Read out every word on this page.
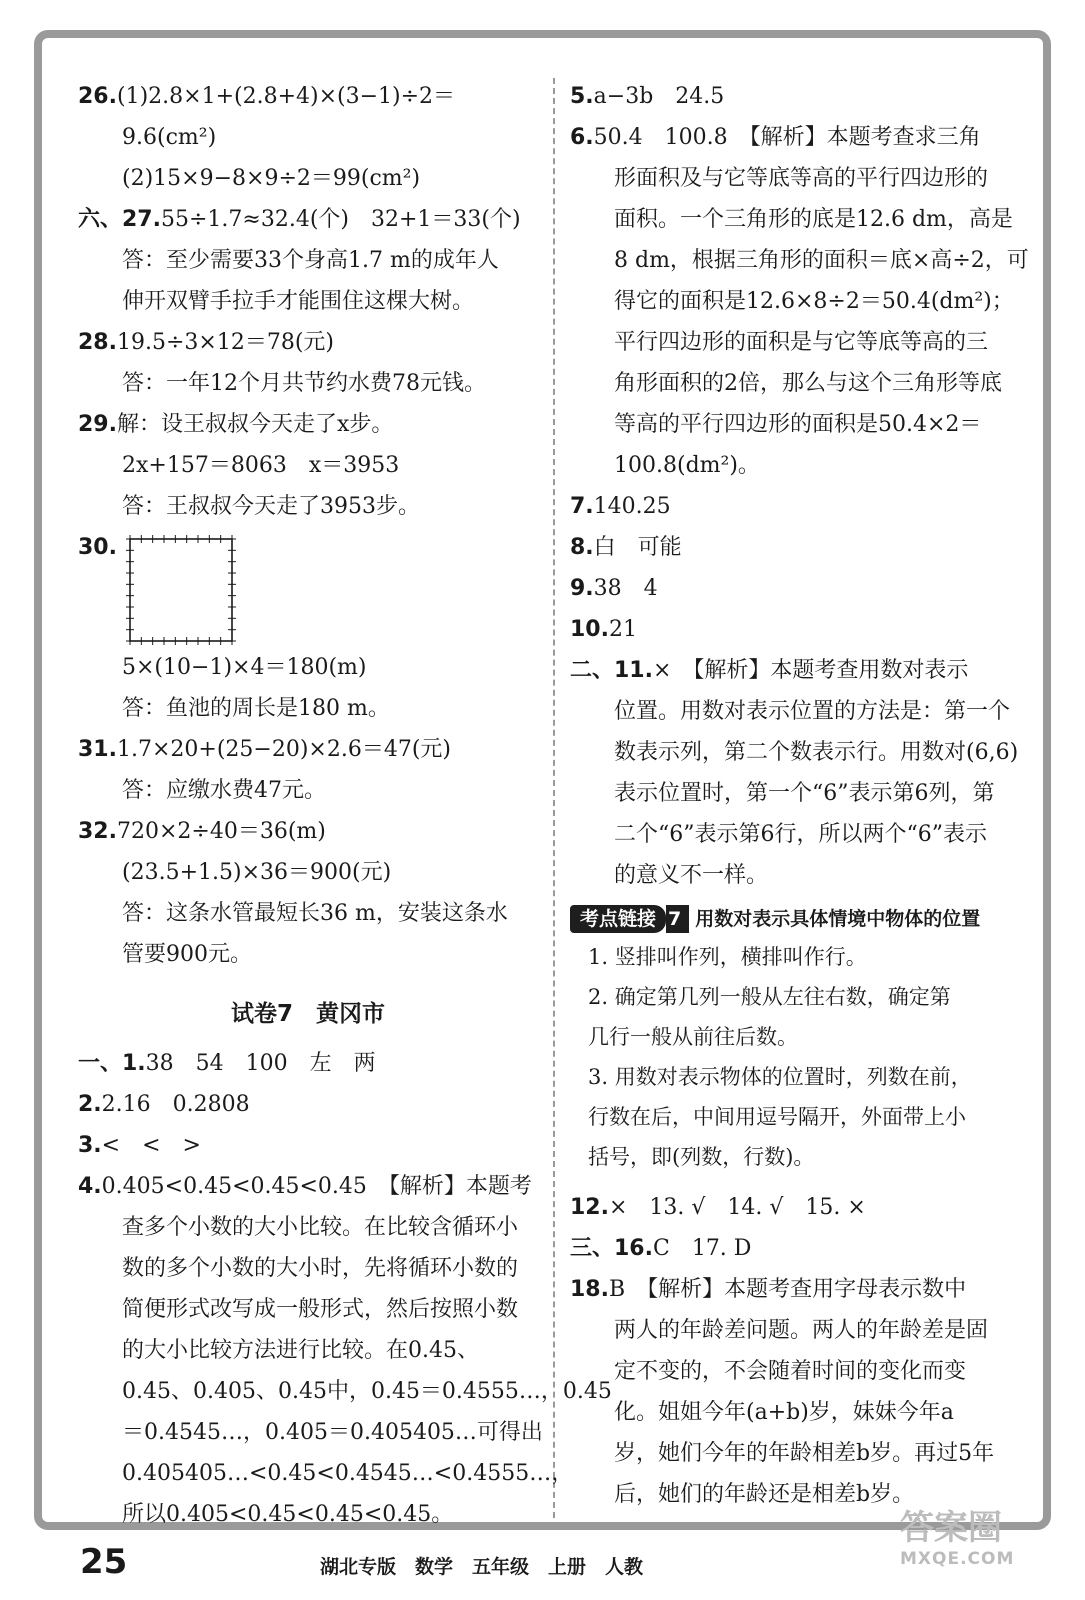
26.(1)2.8×1+(2.8+4)×(3−1)÷2＝
9.6(cm²)
(2)15×9−8×9÷2＝99(cm²)
六、27.55÷1.7≈32.4(个)　32+1＝33(个)
答：至少需要33个身高1.7 m的成年人
伸开双臂手拉手才能围住这棵大树。
28.19.5÷3×12＝78(元)
答：一年12个月共节约水费78元钱。
29.解：设王叔叔今天走了x步。
2x+157＝8063　x＝3953
答：王叔叔今天走了3953步。
30.
5×(10−1)×4＝180(m)
答：鱼池的周长是180 m。
31.1.7×20+(25−20)×2.6＝47(元)
答：应缴水费47元。
32.720×2÷40＝36(m)
(23.5+1.5)×36＝900(元)
答：这条水管最短长36 m，安装这条水
管要900元。
试卷7　黄冈市
一、1.38　54　100　左　两
2.2.16　0.2808
3.<　<　>
4.0.405<0.45<0.45<0.45　【解析】本题考
查多个小数的大小比较。在比较含循环小
数的多个小数的大小时，先将循环小数的
简便形式改写成一般形式，然后按照小数
的大小比较方法进行比较。在0.45、
0.45、0.405、0.45中，0.45＝0.4555…，0.45
＝0.4545…，0.405＝0.405405…可得出
0.405405…<0.45<0.4545…<0.4555…，
所以0.405<0.45<0.45<0.45。
5.a−3b　24.5
6.50.4　100.8　【解析】本题考查求三角
形面积及与它等底等高的平行四边形的
面积。一个三角形的底是12.6 dm，高是
8 dm，根据三角形的面积＝底×高÷2，可
得它的面积是12.6×8÷2＝50.4(dm²)；
平行四边形的面积是与它等底等高的三
角形面积的2倍，那么与这个三角形等底
等高的平行四边形的面积是50.4×2＝
100.8(dm²)。
7.140.25
8.白　可能
9.38　4
10.21
二、11.×　【解析】本题考查用数对表示
位置。用数对表示位置的方法是：第一个
数表示列，第二个数表示行。用数对(6,6)
表示位置时，第一个“6”表示第6列，第
二个“6”表示第6行，所以两个“6”表示
的意义不一样。
考点链接 7 用数对表示具体情境中物体的位置
1. 竖排叫作列，横排叫作行。
2. 确定第几列一般从左往右数，确定第
几行一般从前往后数。
3. 用数对表示物体的位置时，列数在前，
行数在后，中间用逗号隔开，外面带上小
括号，即(列数，行数)。
12.×　13. √　14. √　15. ×
三、16.C　17. D
18.B　【解析】本题考查用字母表示数中
两人的年龄差问题。两人的年龄差是固
定不变的，不会随着时间的变化而变
化。姐姐今年(a+b)岁，妹妹今年a
岁，她们今年的年龄相差b岁。再过5年
后，她们的年龄还是相差b岁。
25	湖北专版　数学　五年级　上册　人教
答案圈
MXQE.COM
